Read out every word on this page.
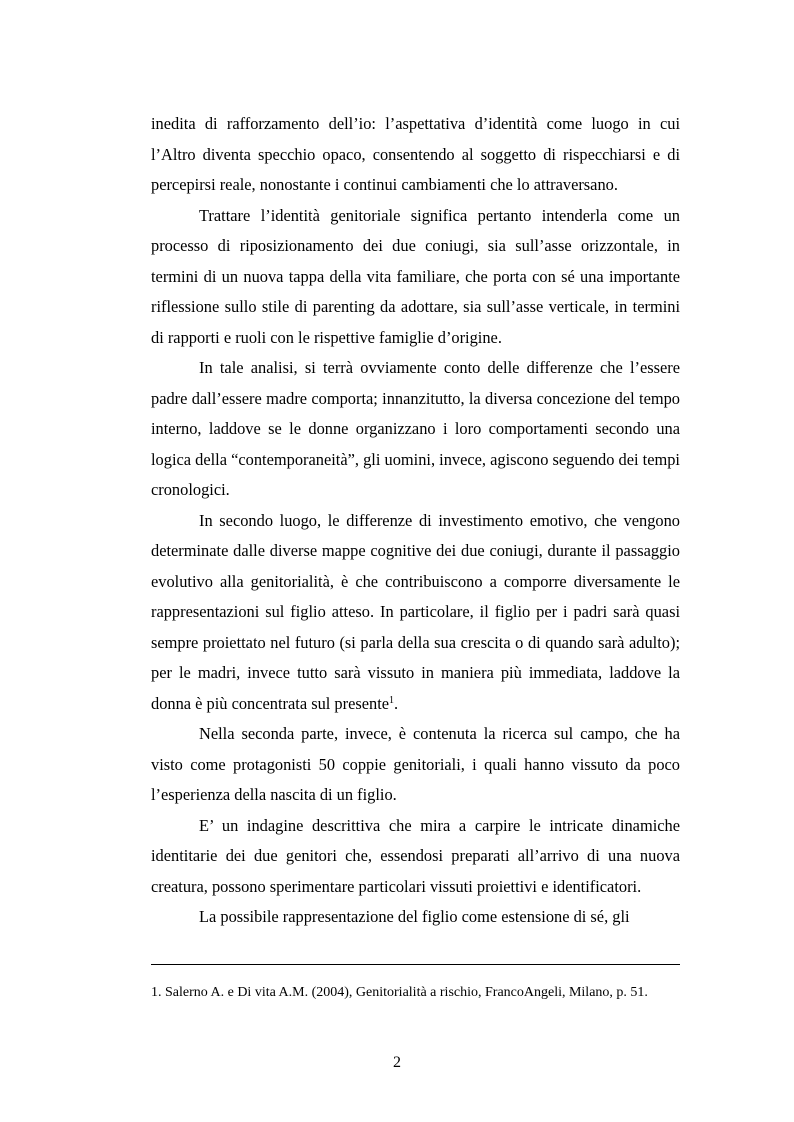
inedita di rafforzamento dell’io: l’aspettativa d’identità come luogo in cui l’Altro diventa specchio opaco, consentendo al soggetto di rispecchiarsi e di percepirsi reale, nonostante i continui cambiamenti che lo attraversano.

Trattare l’identità genitoriale significa pertanto intenderla come un processo di riposizionamento dei due coniugi, sia sull’asse orizzontale, in termini di un nuova tappa della vita familiare, che porta con sé una importante riflessione sullo stile di parenting da adottare, sia sull’asse verticale, in termini di rapporti e ruoli con le rispettive famiglie d’origine.

In tale analisi, si terrà ovviamente conto delle differenze che l’essere padre dall’essere madre comporta; innanzitutto, la diversa concezione del tempo interno, laddove se le donne organizzano i loro comportamenti secondo una logica della “contemporaneità”, gli uomini, invece, agiscono seguendo dei tempi cronologici.

In secondo luogo, le differenze di investimento emotivo, che vengono determinate dalle diverse mappe cognitive dei due coniugi, durante il passaggio evolutivo alla genitorialità, è che contribuiscono a comporre diversamente le rappresentazioni sul figlio atteso. In particolare, il figlio per i padri sarà quasi sempre proiettato nel futuro (si parla della sua crescita o di quando sarà adulto); per le madri, invece tutto sarà vissuto in maniera più immediata, laddove la donna è più concentrata sul presente$^1$.

Nella seconda parte, invece, è contenuta la ricerca sul campo, che ha visto come protagonisti 50 coppie genitoriali, i quali hanno vissuto da poco l’esperienza della nascita di un figlio.

E’ un indagine descrittiva che mira a carpire le intricate dinamiche identitarie dei due genitori che, essendosi preparati all’arrivo di una nuova creatura, possono sperimentare particolari vissuti proiettivi e identificatori.

La possibile rappresentazione del figlio come estensione di sé, gli

1. Salerno A. e Di vita A.M. (2004), Genitorialità a rischio, FrancoAngeli, Milano, p. 51.
2
